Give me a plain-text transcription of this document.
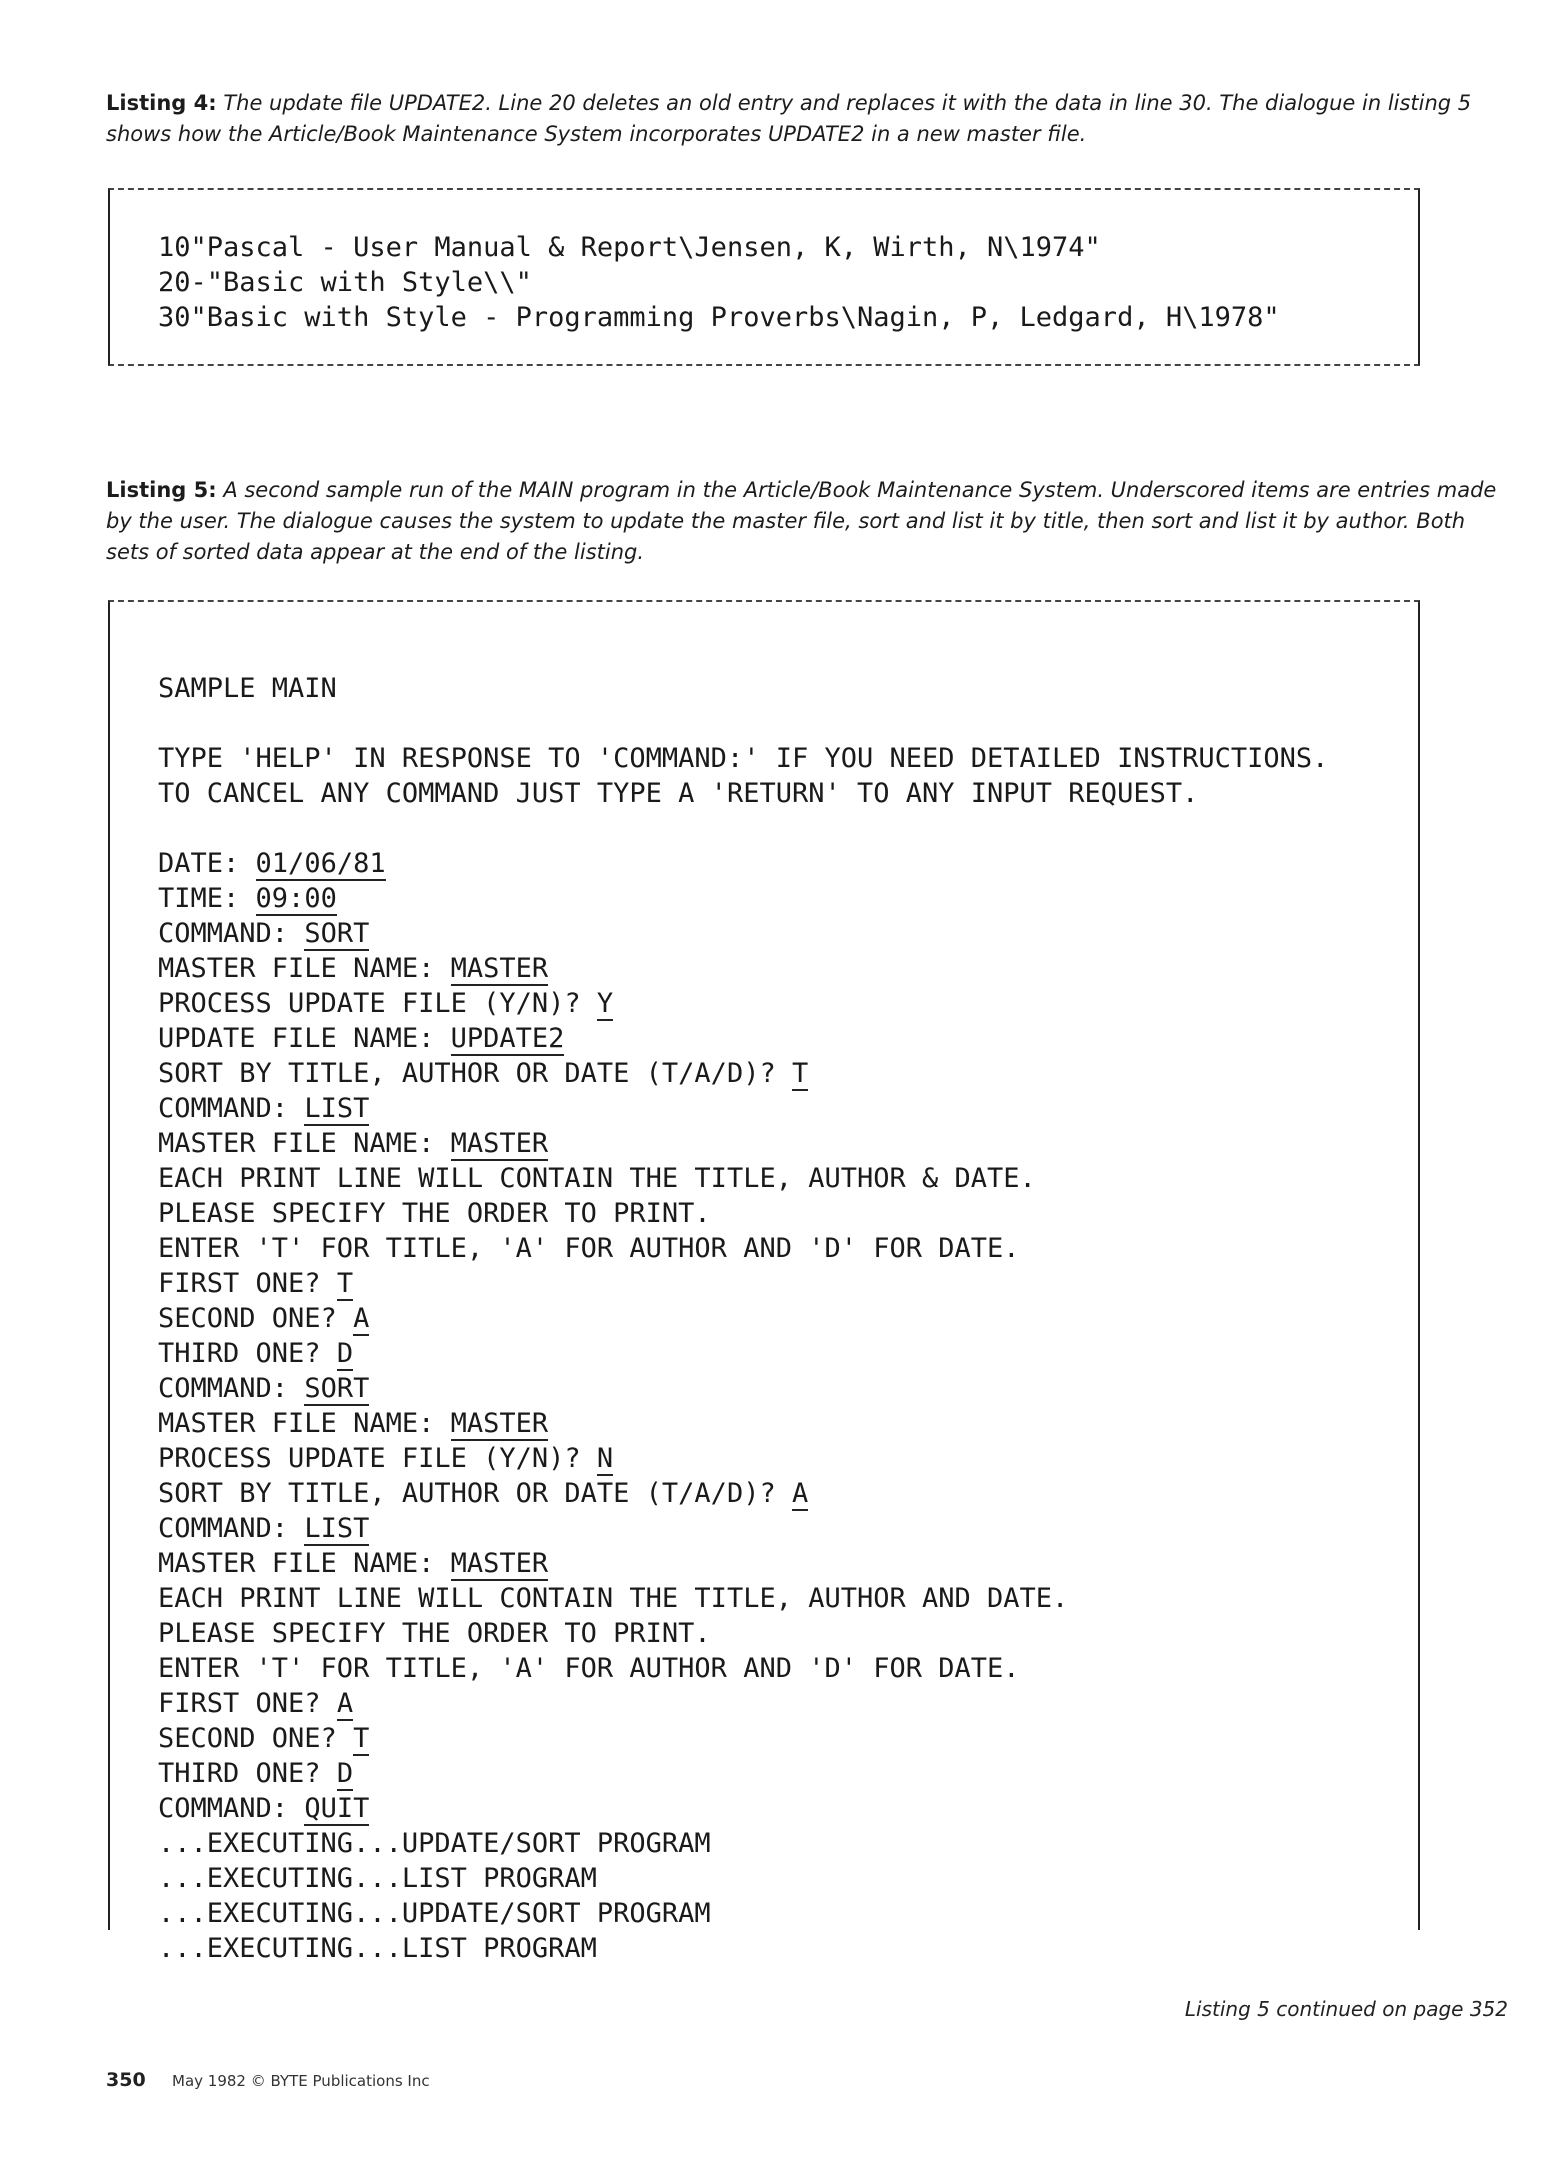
Listing 4: The update file UPDATE2. Line 20 deletes an old entry and replaces it with the data in line 30. The dialogue in listing 5 shows how the Article/Book Maintenance System incorporates UPDATE2 in a new master file.
10"Pascal - User Manual & Report\Jensen, K, Wirth, N\1974"
20-"Basic with Style\\"
30"Basic with Style - Programming Proverbs\Nagin, P, Ledgard, H\1978"
Listing 5: A second sample run of the MAIN program in the Article/Book Maintenance System. Underscored items are entries made by the user. The dialogue causes the system to update the master file, sort and list it by title, then sort and list it by author. Both sets of sorted data appear at the end of the listing.
SAMPLE MAIN
TYPE 'HELP' IN RESPONSE TO 'COMMAND:' IF YOU NEED DETAILED INSTRUCTIONS.
TO CANCEL ANY COMMAND JUST TYPE A 'RETURN' TO ANY INPUT REQUEST.
DATE: 01/06/81
TIME: 09:00
COMMAND: SORT
MASTER FILE NAME: MASTER
PROCESS UPDATE FILE (Y/N)? Y
UPDATE FILE NAME: UPDATE2
SORT BY TITLE, AUTHOR OR DATE (T/A/D)? T
COMMAND: LIST
MASTER FILE NAME: MASTER
EACH PRINT LINE WILL CONTAIN THE TITLE, AUTHOR & DATE.
PLEASE SPECIFY THE ORDER TO PRINT.
ENTER 'T' FOR TITLE, 'A' FOR AUTHOR AND 'D' FOR DATE.
FIRST ONE? T
SECOND ONE? A
THIRD ONE? D
COMMAND: SORT
MASTER FILE NAME: MASTER
PROCESS UPDATE FILE (Y/N)? N
SORT BY TITLE, AUTHOR OR DATE (T/A/D)? A
COMMAND: LIST
MASTER FILE NAME: MASTER
EACH PRINT LINE WILL CONTAIN THE TITLE, AUTHOR AND DATE.
PLEASE SPECIFY THE ORDER TO PRINT.
ENTER 'T' FOR TITLE, 'A' FOR AUTHOR AND 'D' FOR DATE.
FIRST ONE? A
SECOND ONE? T
THIRD ONE? D
COMMAND: QUIT
...EXECUTING...UPDATE/SORT PROGRAM
...EXECUTING...LIST PROGRAM
...EXECUTING...UPDATE/SORT PROGRAM
...EXECUTING...LIST PROGRAM
Listing 5 continued on page 352
350 May 1982 © BYTE Publications Inc
